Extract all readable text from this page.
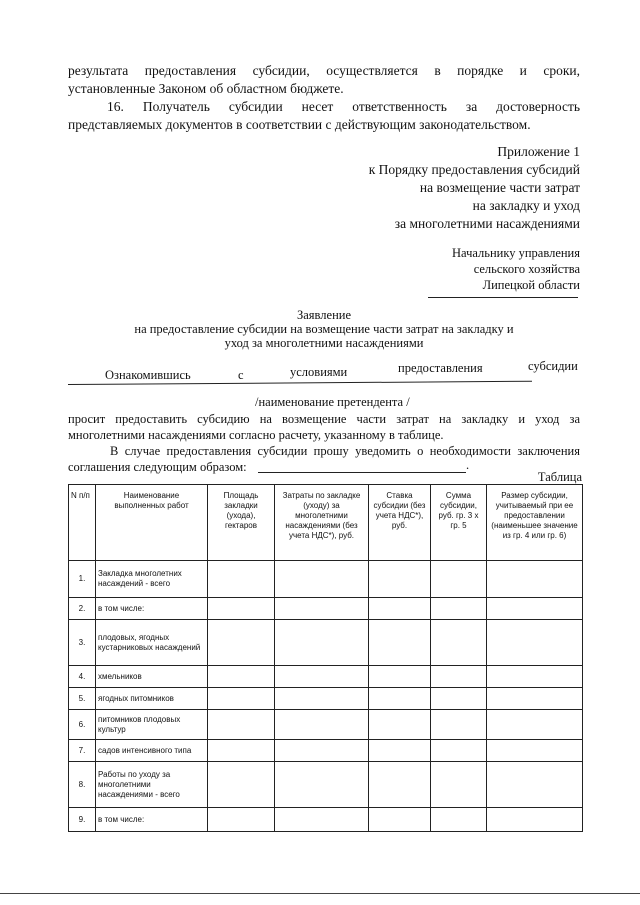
результата предоставления субсидии, осуществляется в порядке и сроки,
установленные Законом об областном бюджете.
16. Получатель субсидии несет ответственность за достоверность
представляемых документов в соответствии с действующим законодательством.
Приложение 1
к Порядку предоставления субсидий
на возмещение части затрат
на закладку и уход
за многолетними насаждениями
Начальнику управления
сельского хозяйства
Липецкой области
Заявление
на предоставление субсидии на возмещение части затрат на закладку и
уход за многолетними насаждениями
Ознакомившись	с	условиями	предоставления	субсидии
/наименование претендента /
просит предоставить субсидию на возмещение части затрат на закладку и уход за
многолетними насаждениями согласно расчету, указанному в таблице.
В случае предоставления субсидии прошу уведомить о необходимости заключения
соглашения следующим образом:	.
Таблица
N п/п	Наименование выполненных работ	Площадь закладки (ухода), гектаров	Затраты по закладке (уходу) за многолетними насаждениями (без учета НДС*), руб.	Ставка субсидии (без учета НДС*), руб.	Сумма субсидии, руб. гр. 3 x гр. 5	Размер субсидии, учитываемый при ее предоставлении (наименьшее значение из гр. 4 или гр. 6)
1.	Закладка многолетних насаждений - всего					
2.	в том числе:					
3.	плодовых, ягодных кустарниковых насаждений					
4.	хмельников					
5.	ягодных питомников					
6.	питомников плодовых культур					
7.	садов интенсивного типа					
8.	Работы по уходу за многолетними насаждениями - всего					
9.	в том числе:					
